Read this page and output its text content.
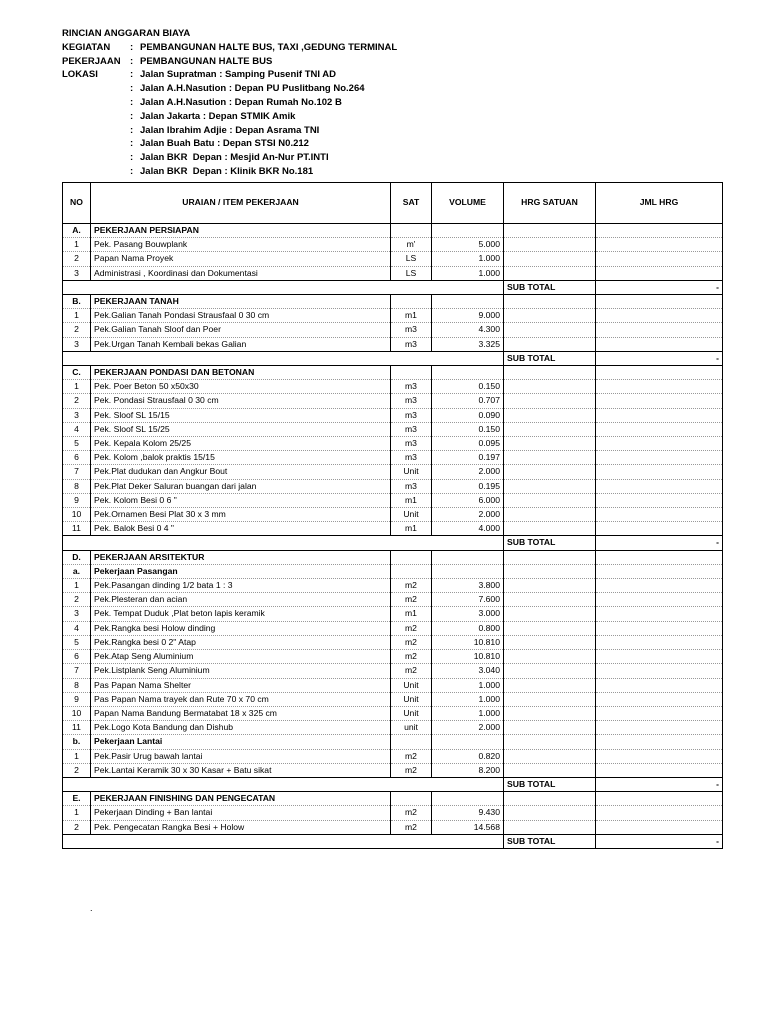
RINCIAN ANGGARAN BIAYA
KEGIATAN : PEMBANGUNAN HALTE BUS, TAXI ,GEDUNG TERMINAL
PEKERJAAN : PEMBANGUNAN HALTE BUS
LOKASI	: Jalan Supratman : Samping Pusenif TNI AD
: Jalan A.H.Nasution : Depan PU Puslitbang No.264
: Jalan A.H.Nasution : Depan Rumah No.102 B
: Jalan Jakarta : Depan STMIK Amik
: Jalan Ibrahim Adjie : Depan Asrama TNI
: Jalan Buah Batu : Depan STSI N0.212
: Jalan BKR  Depan : Mesjid An-Nur PT.INTI
: Jalan BKR  Depan : Klinik BKR No.181
NO	URAIAN / ITEM PEKERJAAN	SAT	VOLUME	HRG SATUAN	JML HRG
A.	PEKERJAAN PERSIAPAN				
1	Pek. Pasang Bouwplank	m'	5.000		
2	Papan Nama Proyek	LS	1.000		
3	Administrasi , Koordinasi dan Dokumentasi	LS	1.000		
				SUB TOTAL	-
B.	PEKERJAAN TANAH				
1	Pek.Galian Tanah Pondasi Strausfaal 0 30 cm	m1	9.000		
2	Pek.Galian Tanah Sloof dan Poer	m3	4.300		
3	Pek.Urgan Tanah Kembali bekas Galian	m3	3.325		
				SUB TOTAL	-
C.	PEKERJAAN PONDASI DAN BETONAN				
1	Pek. Poer Beton 50 x50x30	m3	0.150		
2	Pek. Pondasi Strausfaal 0 30 cm	m3	0.707		
3	Pek. Sloof SL 15/15	m3	0.090		
4	Pek. Sloof SL 15/25	m3	0.150		
5	Pek. Kepala Kolom 25/25	m3	0.095		
6	Pek. Kolom ,balok praktis 15/15	m3	0.197		
7	Pek.Plat dudukan dan Angkur Bout	Unit	2.000		
8	Pek.Plat Deker Saluran buangan dari jalan	m3	0.195		
9	Pek. Kolom Besi 0 6 "	m1	6.000		
10	Pek.Ornamen Besi Plat 30 x 3 mm	Unit	2.000		
11	Pek. Balok Besi 0 4 "	m1	4.000		
				SUB TOTAL	-
D.	PEKERJAAN ARSITEKTUR				
a.	Pekerjaan Pasangan				
1	Pek.Pasangan dinding 1/2 bata 1 : 3	m2	3.800		
2	Pek.Plesteran dan acian	m2	7.600		
3	Pek. Tempat Duduk ,Plat beton lapis keramik	m1	3.000		
4	Pek.Rangka besi Holow dinding	m2	0.800		
5	Pek.Rangka besi 0 2" Atap	m2	10.810		
6	Pek.Atap Seng Aluminium	m2	10.810		
7	Pek.Listplank Seng Aluminium	m2	3.040		
8	Pas Papan Nama Shelter	Unit	1.000		
9	Pas Papan Nama trayek dan Rute 70 x 70 cm	Unit	1.000		
10	Papan Nama Bandung Bermatabat 18 x 325 cm	Unit	1.000		
11	Pek.Logo Kota Bandung dan Dishub	unit	2.000		
b.	Pekerjaan Lantai				
1	Pek.Pasir Urug bawah lantai	m2	0.820		
2	Pek.Lantai Keramik 30 x 30 Kasar + Batu sikat	m2	8.200		
				SUB TOTAL	-
E.	PEKERJAAN FINISHING DAN PENGECATAN				
1	Pekerjaan Dinding + Ban lantai	m2	9.430		
2	Pek. Pengecatan Rangka Besi + Holow	m2	14.568		
				SUB TOTAL	-
.
